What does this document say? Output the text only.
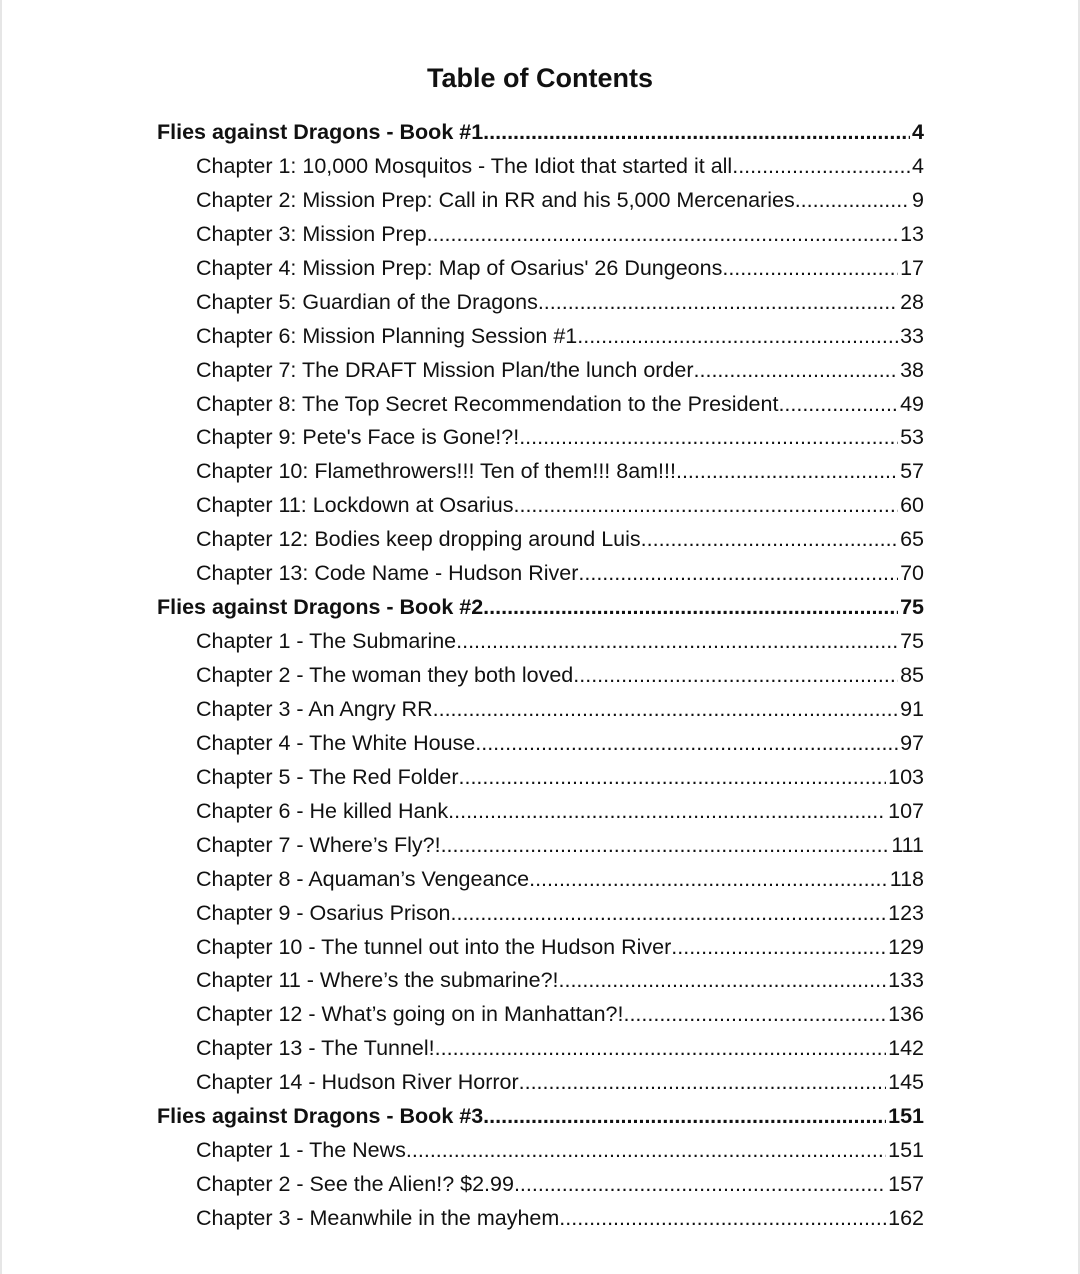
Table of Contents
Flies against Dragons - Book #1 .....	4
Chapter 1: 10,000 Mosquitos - The Idiot that started it all .....	4
Chapter 2: Mission Prep: Call in RR and his 5,000 Mercenaries .....	9
Chapter 3: Mission Prep .....	13
Chapter 4: Mission Prep: Map of Osarius' 26 Dungeons .....	17
Chapter 5: Guardian of the Dragons .....	28
Chapter 6: Mission Planning Session #1 .....	33
Chapter 7: The DRAFT Mission Plan/the lunch order .....	38
Chapter 8: The Top Secret Recommendation to the President .....	49
Chapter 9: Pete's Face is Gone!?! .....	53
Chapter 10: Flamethrowers!!! Ten of them!!! 8am!!! .....	57
Chapter 11: Lockdown at Osarius .....	60
Chapter 12: Bodies keep dropping around Luis .....	65
Chapter 13: Code Name - Hudson River .....	70
Flies against Dragons - Book #2 .....	75
Chapter 1 - The Submarine .....	75
Chapter 2 - The woman they both loved .....	85
Chapter 3 - An Angry RR .....	91
Chapter 4 - The White House .....	97
Chapter 5 - The Red Folder .....	103
Chapter 6 - He killed Hank .....	107
Chapter 7 - Where’s Fly?! .....	111
Chapter 8 - Aquaman’s Vengeance .....	118
Chapter 9 - Osarius Prison .....	123
Chapter 10 - The tunnel out into the Hudson River .....	129
Chapter 11 - Where’s the submarine?! .....	133
Chapter 12 - What’s going on in Manhattan?! .....	136
Chapter 13 - The Tunnel! .....	142
Chapter 14 - Hudson River Horror .....	145
Flies against Dragons - Book #3 .....	151
Chapter 1 - The News .....	151
Chapter 2 - See the Alien!? $2.99 .....	157
Chapter 3 - Meanwhile in the mayhem .....	162
